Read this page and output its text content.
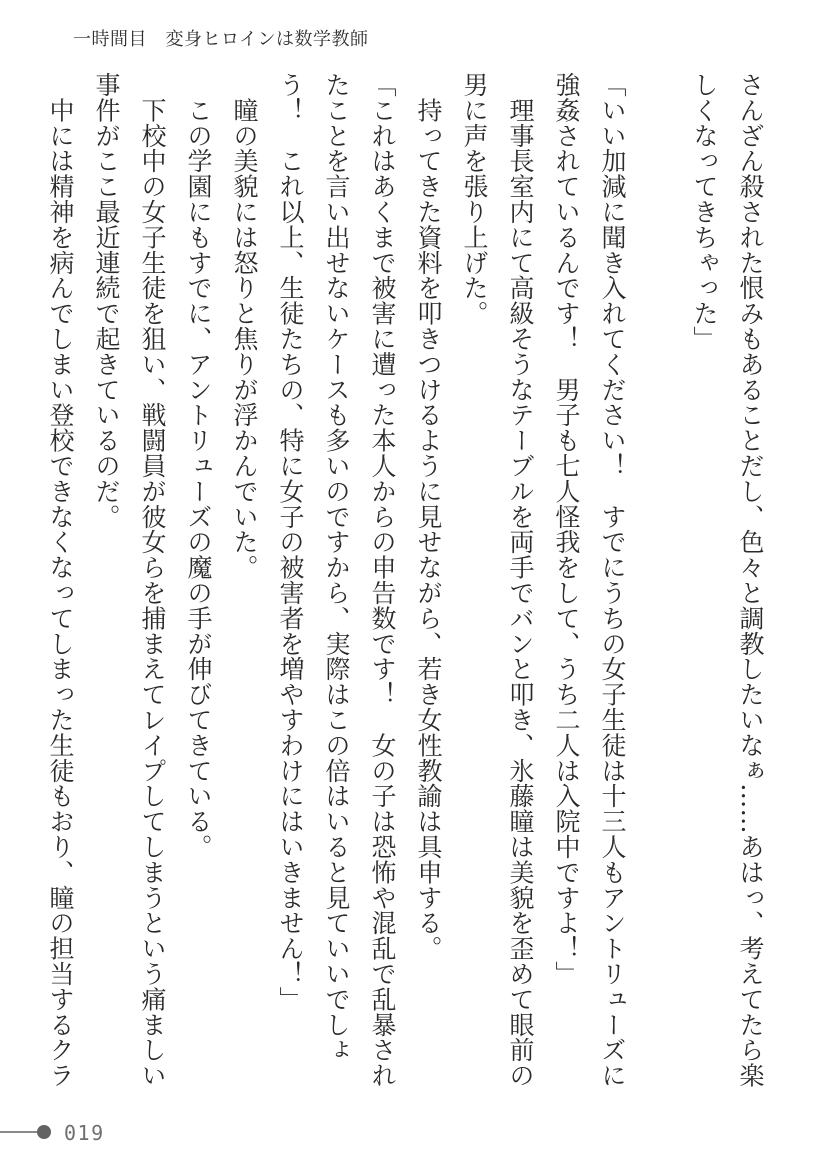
一時間目　変身ヒロインは数学教師

さんざん殺された恨みもあることだし、色々と調教したいなぁ……あはっ、考えてたら楽

しくなってきちゃった」

「いい加減に聞き入れてください！　すでにうちの女子生徒は十三人もアントリューズに

強姦されているんです！　男子も七人怪我をして、うち二人は入院中ですよ！」

　理事長室内にて高級そうなテーブルを両手でバンと叩き、氷藤瞳は美貌を歪めて眼前の

男に声を張り上げた。

　持ってきた資料を叩きつけるように見せながら、若き女性教諭は具申する。

「これはあくまで被害に遭った本人からの申告数です！　女の子は恐怖や混乱で乱暴され

たことを言い出せないケースも多いのですから、実際はこの倍はいると見ていいでしょ

う！　これ以上、生徒たちの、特に女子の被害者を増やすわけにはいきません！」

　瞳の美貌には怒りと焦りが浮かんでいた。

　この学園にもすでに、アントリューズの魔の手が伸びてきている。

　下校中の女子生徒を狙い、戦闘員が彼女らを捕まえてレイプしてしまうという痛ましい

事件がここ最近連続で起きているのだ。

　中には精神を病んでしまい登校できなくなってしまった生徒もおり、瞳の担当するクラ

019
